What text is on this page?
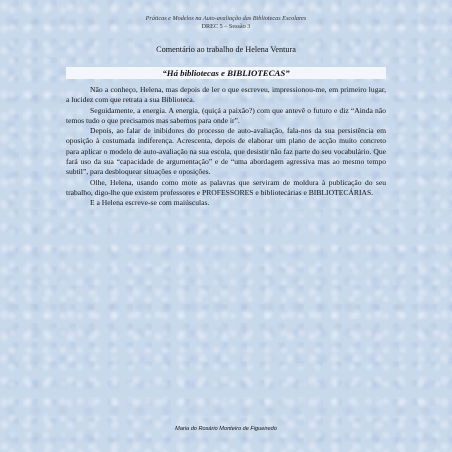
Práticas e Modelos na Auto-avaliação das Bibliotecas Escolares
DREC 5 – Sessão 3
Comentário ao trabalho de Helena Ventura
“Há bibliotecas e BIBLIOTECAS”

Não a conheço, Helena, mas depois de ler o que escreveu, impressionou-me, em primeiro lugar, a lucidez com que retrata a sua Biblioteca.

Seguidamente, a energia. A energia, (quiçá a paixão?) com que antevê o futuro e diz “Ainda não temos tudo o que precisamos mas sabemos para onde ir”.

Depois, ao falar de inibidores do processo de auto-avaliação, fala-nos da sua persistência em oposição à costumada indiferença. Acrescenta, depois de elaborar um plano de acção muito concreto para aplicar o modelo de auto-avaliação na sua escola, que desistir não faz parte do seu vocabulário. Que fará uso da sua “capacidade de argumentação” e de “uma abordagem agressiva mas ao mesmo tempo subtil”, para desbloquear situações e oposições.

Olhe, Helena, usando como mote as palavras que serviram de moldura à publicação do seu trabalho, digo-lhe que existem professores e PROFESSORES e bibliotecárias e BIBLIOTECÁRIAS.

E a Helena escreve-se com maiúsculas.

Maria do Rosário Monteiro de Figueiredo
